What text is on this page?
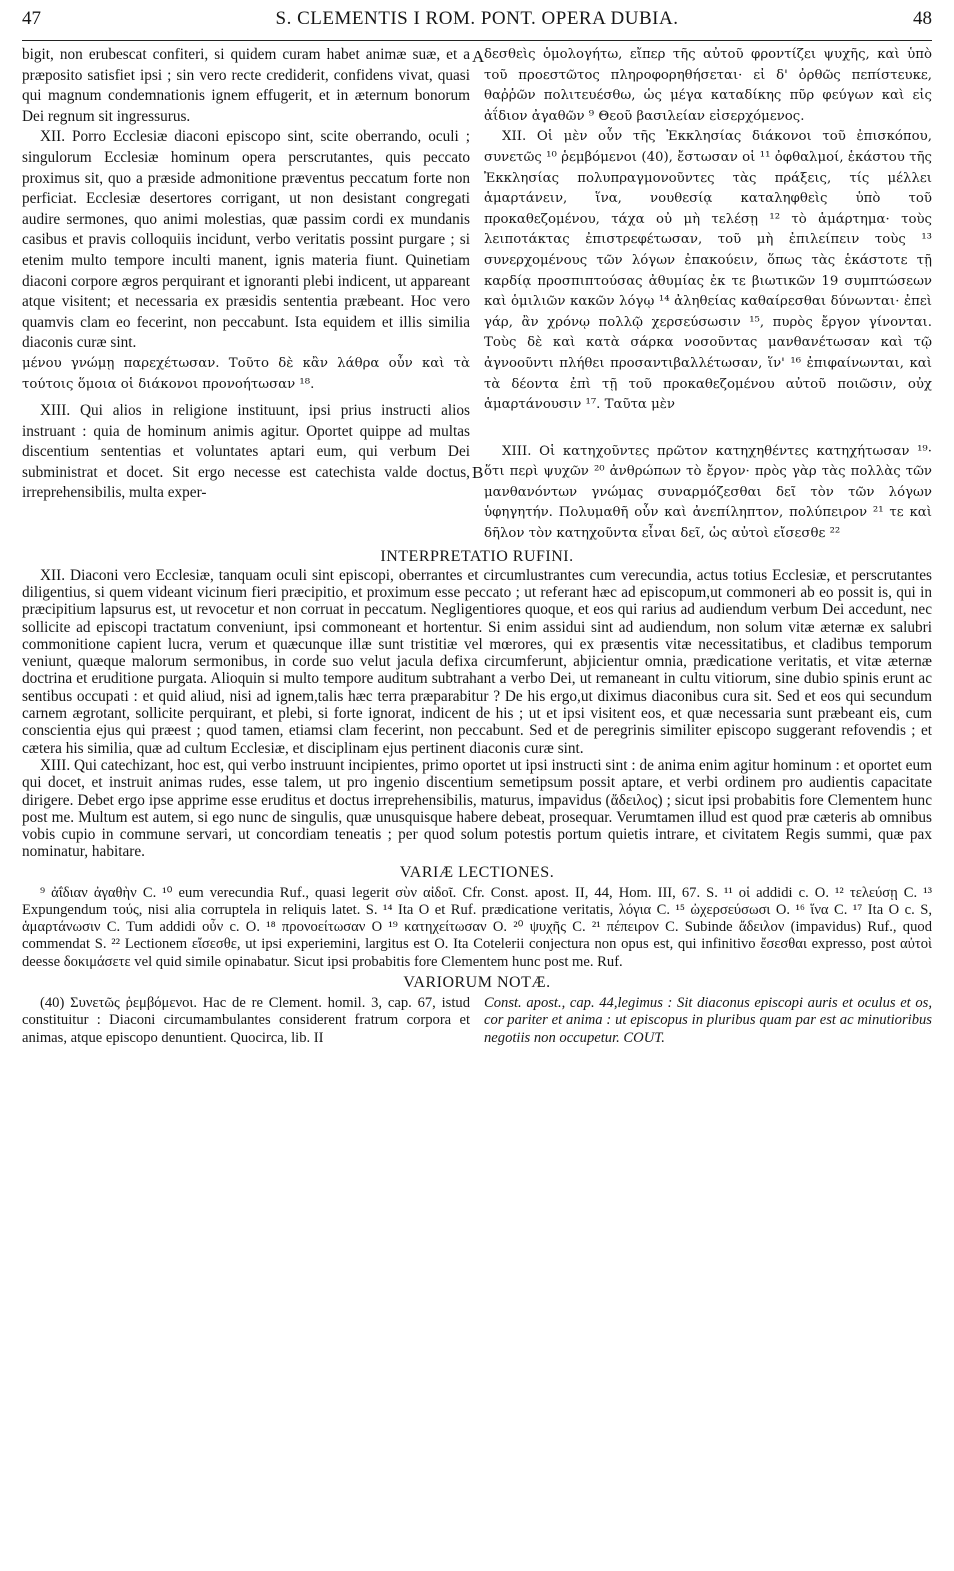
47	S. CLEMENTIS I ROM. PONT. OPERA DUBIA.	48

bigit, non erubescat confiteri, si quidem curam habet animæ suæ, et a præposito satisfiet ipsi ; sin vero recte crediderit, confidens vivat, quasi qui magnum condemnationis ignem effugerit, et in æternum bonorum Dei regnum sit ingressurus.

XII. Porro Ecclesiæ diaconi episcopo sint, scite oberrando, oculi ; singulorum Ecclesiæ hominum opera perscrutantes, quis peccato proximus sit, quo a præside admonitione præventus peccatum forte non perficiat. Ecclesiæ desertores corrigant, ut non desistant congregati audire sermones, quo animi molestias, quæ passim cordi ex mundanis casibus et pravis colloquiis incidunt, verbo veritatis possint purgare ; si etenim multo tempore inculti manent, ignis materia fiunt. Quinetiam diaconi corpore ægros perquirant et ignoranti plebi indicent, ut appareant atque visitent; et necessaria ex præsidis sententia præbeant. Hoc vero quamvis clam eo fecerint, non peccabunt. Ista equidem et illis similia diaconis curæ sint.

μένου γνώμῃ παρεχέτωσαν. Τοῦτο δὲ κἂν λάθρα οὖν καὶ τὰ τούτοις ὅμοια οἱ διάκονοι προνοήτωσαν ¹⁸.

XIII. Qui alios in religione instituunt, ipsi prius instructi alios instruant : quia de hominum animis agitur. Oportet quippe ad multas discentium sententias et voluntates aptari eum, qui verbum Dei subministrat et docet. Sit ergo necesse est catechista valde doctus, irreprehensibilis, multa exper-

A
B

δεσθεὶς ὁμολογήτω, εἴπερ τῆς αὐτοῦ φροντίζει ψυχῆς, καὶ ὑπὸ τοῦ προεστῶτος πληροφορηθήσεται· εἰ δ' ὀρθῶς πεπίστευκε, θαῤῥῶν πολιτευέσθω, ὡς μέγα καταδίκης πῦρ φεύγων καὶ εἰς ἀΐδιον ἀγαθῶν ⁹ Θεοῦ βασιλείαν εἰσερχόμενος.

XII. Οἱ μὲν οὖν τῆς Ἐκκλησίας διάκονοι τοῦ ἐπισκόπου, συνετῶς ¹⁰ ῥεμβόμενοι (40), ἔστωσαν οἱ ¹¹ ὀφθαλμοί, ἑκάστου τῆς Ἐκκλησίας πολυπραγμονοῦντες τὰς πράξεις, τίς μέλλει ἁμαρτάνειν, ἵνα, νουθεσίᾳ καταληφθεὶς ὑπὸ τοῦ προκαθεζομένου, τάχα οὐ μὴ τελέσῃ ¹² τὸ ἁμάρτημα· τοὺς λειποτάκτας ἐπιστρεφέτωσαν, τοῦ μὴ ἐπιλείπειν τοὺς ¹³ συνερχομένους τῶν λόγων ἐπακούειν, ὅπως τὰς ἑκάστοτε τῇ καρδίᾳ προσπιπτούσας ἀθυμίας ἐκ τε βιωτικῶν 19 συμπτώσεων καὶ ὁμιλιῶν κακῶν λόγῳ ¹⁴ ἀληθείας καθαίρεσθαι δύνωνται· ἐπεὶ γάρ, ἂν χρόνῳ πολλῷ χερσεύσωσιν ¹⁵, πυρὸς ἔργον γίνονται. Τοὺς δὲ καὶ κατὰ σάρκα νοσοῦντας μανθανέτωσαν καὶ τῷ ἀγνοοῦντι πλήθει προσαντιβαλλέτωσαν, ἵν' ¹⁶ ἐπιφαίνωνται, καὶ τὰ δέοντα ἐπὶ τῇ τοῦ προκαθεζομένου αὐτοῦ ποιῶσιν, οὐχ ἁμαρτάνουσιν ¹⁷. Ταῦτα μὲν

XIII. Οἱ κατηχοῦντες πρῶτον κατηχηθέντες κατηχήτωσαν ¹⁹· ὅτι περὶ ψυχῶν ²⁰ ἀνθρώπων τὸ ἔργον· πρὸς γὰρ τὰς πολλὰς τῶν μανθανόντων γνώμας συναρμόζεσθαι δεῖ τὸν τῶν λόγων ὑφηγητήν. Πολυμαθῆ οὖν καὶ ἀνεπίληπτον, πολύπειρον ²¹ τε καὶ δῆλον τὸν κατηχοῦντα εἶναι δεῖ, ὡς αὐτοὶ εἴσεσθε ²²

INTERPRETATIO RUFINI.

XII. Diaconi vero Ecclesiæ, tanquam oculi sint episcopi, oberrantes et circumlustrantes cum verecundia, actus totius Ecclesiæ, et perscrutantes diligentius, si quem videant vicinum fieri præcipitio, et proximum esse peccato ; ut referant hæc ad episcopum,ut commoneri ab eo possit is, qui in præcipitium lapsurus est, ut revocetur et non corruat in peccatum. Negligentiores quoque, et eos qui rarius ad audiendum verbum Dei accedunt, nec sollicite ad episcopi tractatum conveniunt, ipsi commoneant et hortentur. Si enim assidui sint ad audiendum, non solum vitæ æternæ ex salubri commonitione capient lucra, verum et quæcunque illæ sunt tristitiæ vel mœrores, qui ex præsentis vitæ necessitatibus, et cladibus temporum veniunt, quæque malorum sermonibus, in corde suo velut jacula defixa circumferunt, abjicientur omnia, prædicatione veritatis, et vitæ æternæ doctrina et eruditione purgata. Alioquin si multo tempore auditum subtrahant a verbo Dei, ut remaneant in cultu vitiorum, sine dubio spinis erunt ac sentibus occupati : et quid aliud, nisi ad ignem,talis hæc terra præparabitur ? De his ergo,ut diximus diaconibus cura sit. Sed et eos qui secundum carnem ægrotant, sollicite perquirant, et plebi, si forte ignorat, indicent de his ; ut et ipsi visitent eos, et quæ necessaria sunt præbeant eis, cum conscientia ejus qui præest ; quod tamen, etiamsi clam fecerint, non peccabunt. Sed et de peregrinis similiter episcopo suggerant refovendis ; et cætera his similia, quæ ad cultum Ecclesiæ, et disciplinam ejus pertinent diaconis curæ sint.

XIII. Qui catechizant, hoc est, qui verbo instruunt incipientes, primo oportet ut ipsi instructi sint : de anima enim agitur hominum : et oportet eum qui docet, et instruit animas rudes, esse talem, ut pro ingenio discentium semetipsum possit aptare, et verbi ordinem pro audientis capacitate dirigere. Debet ergo ipse apprime esse eruditus et doctus irreprehensibilis, maturus, impavidus (ἄδειλος) ; sicut ipsi probabitis fore Clementem hunc post me. Multum est autem, si ego nunc de singulis, quæ unusquisque habere debeat, prosequar. Verumtamen illud est quod præ cæteris ab omnibus vobis cupio in commune servari, ut concordiam teneatis ; per quod solum potestis portum quietis intrare, et civitatem Regis summi, quæ pax nominatur, habitare.

VARIÆ LECTIONES.

⁹ ἀΐδιαν ἀγαθὴν C. ¹⁰ eum verecundia Ruf., quasi legerit σὺν αἰδοῖ. Cfr. Const. apost. II, 44, Hom. III, 67. S. ¹¹ οἱ addidi c. O. ¹² τελεύσῃ C. ¹³ Expungendum τούς, nisi alia corruptela in reliquis latet. S. ¹⁴ Ita O et Ruf. prædicatione veritatis, λόγια C. ¹⁵ ὠχερσεύσωσι O. ¹⁶ ἵνα C. ¹⁷ Ita O c. S, ἁμαρτάνωσιν C. Tum addidi οὖν c. O. ¹⁸ προνοείτωσαν O ¹⁹ κατηχείτωσαν O. ²⁰ ψυχῆς C. ²¹ πέπειρον C. Subinde ἄδειλον (impavidus) Ruf., quod commendat S. ²² Lectionem εἴσεσθε, ut ipsi experiemini, largitus est O. Ita Cotelerii conjectura non opus est, qui infinitivo ἔσεσθαι expresso, post αὐτοὶ deesse δοκιμάσετε vel quid simile opinabatur. Sicut ipsi probabitis fore Clementem hunc post me. Ruf.

VARIORUM NOTÆ.

(40) Συνετῶς ῥεμβόμενοι. Hac de re Clement. homil. 3, cap. 67, istud constituitur : Diaconi circumambulantes considerent fratrum corpora et animas, atque episcopo denuntient. Quocirca, lib. II

Const. apost., cap. 44,legimus : Sit diaconus episcopi auris et oculus et os, cor pariter et anima : ut episcopus in pluribus quam par est ac minutioribus negotiis non occupetur. COUT.
